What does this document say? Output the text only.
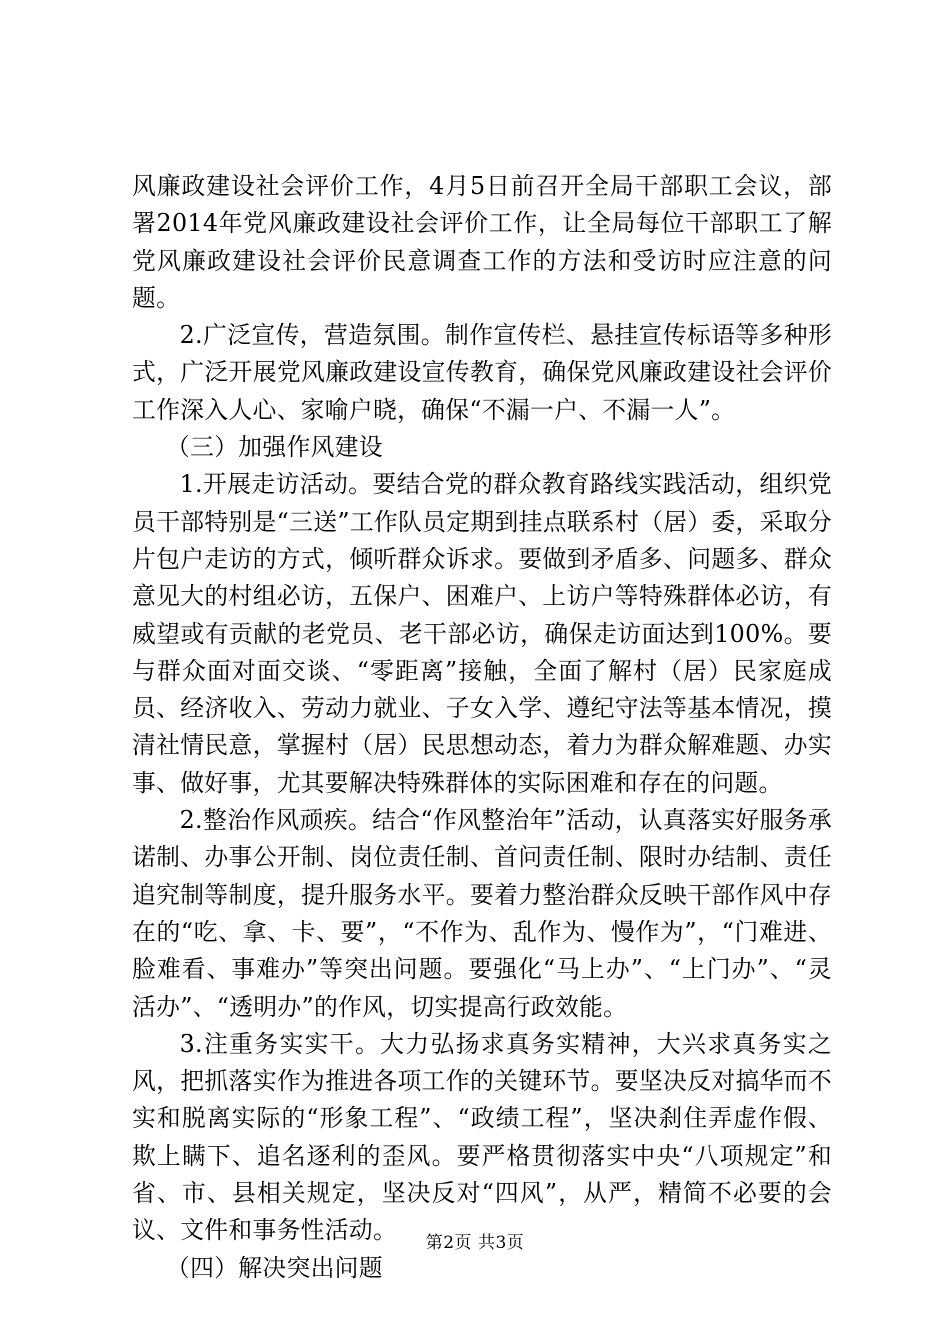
风廉政建设社会评价工作，4月5日前召开全局干部职工会议，部署2014年党风廉政建设社会评价工作，让全局每位干部职工了解党风廉政建设社会评价民意调查工作的方法和受访时应注意的问题。

2.广泛宣传，营造氛围。制作宣传栏、悬挂宣传标语等多种形式，广泛开展党风廉政建设宣传教育，确保党风廉政建设社会评价工作深入人心、家喻户晓，确保“不漏一户、不漏一人”。

（三）加强作风建设

1.开展走访活动。要结合党的群众教育路线实践活动，组织党员干部特别是“三送”工作队员定期到挂点联系村（居）委，采取分片包户走访的方式，倾听群众诉求。要做到矛盾多、问题多、群众意见大的村组必访，五保户、困难户、上访户等特殊群体必访，有威望或有贡献的老党员、老干部必访，确保走访面达到100%。要与群众面对面交谈、“零距离”接触，全面了解村（居）民家庭成员、经济收入、劳动力就业、子女入学、遵纪守法等基本情况，摸清社情民意，掌握村（居）民思想动态，着力为群众解难题、办实事、做好事，尤其要解决特殊群体的实际困难和存在的问题。

2.整治作风顽疾。结合“作风整治年”活动，认真落实好服务承诺制、办事公开制、岗位责任制、首问责任制、限时办结制、责任追究制等制度，提升服务水平。要着力整治群众反映干部作风中存在的“吃、拿、卡、要”，“不作为、乱作为、慢作为”，“门难进、脸难看、事难办”等突出问题。要强化“马上办”、“上门办”、“灵活办”、“透明办”的作风，切实提高行政效能。

3.注重务实实干。大力弘扬求真务实精神，大兴求真务实之风，把抓落实作为推进各项工作的关键环节。要坚决反对搞华而不实和脱离实际的“形象工程”、“政绩工程”，坚决刹住弄虚作假、欺上瞒下、追名逐利的歪风。要严格贯彻落实中央“八项规定”和省、市、县相关规定，坚决反对“四风”，从严，精简不必要的会议、文件和事务性活动。

（四）解决突出问题

第2页 共3页
